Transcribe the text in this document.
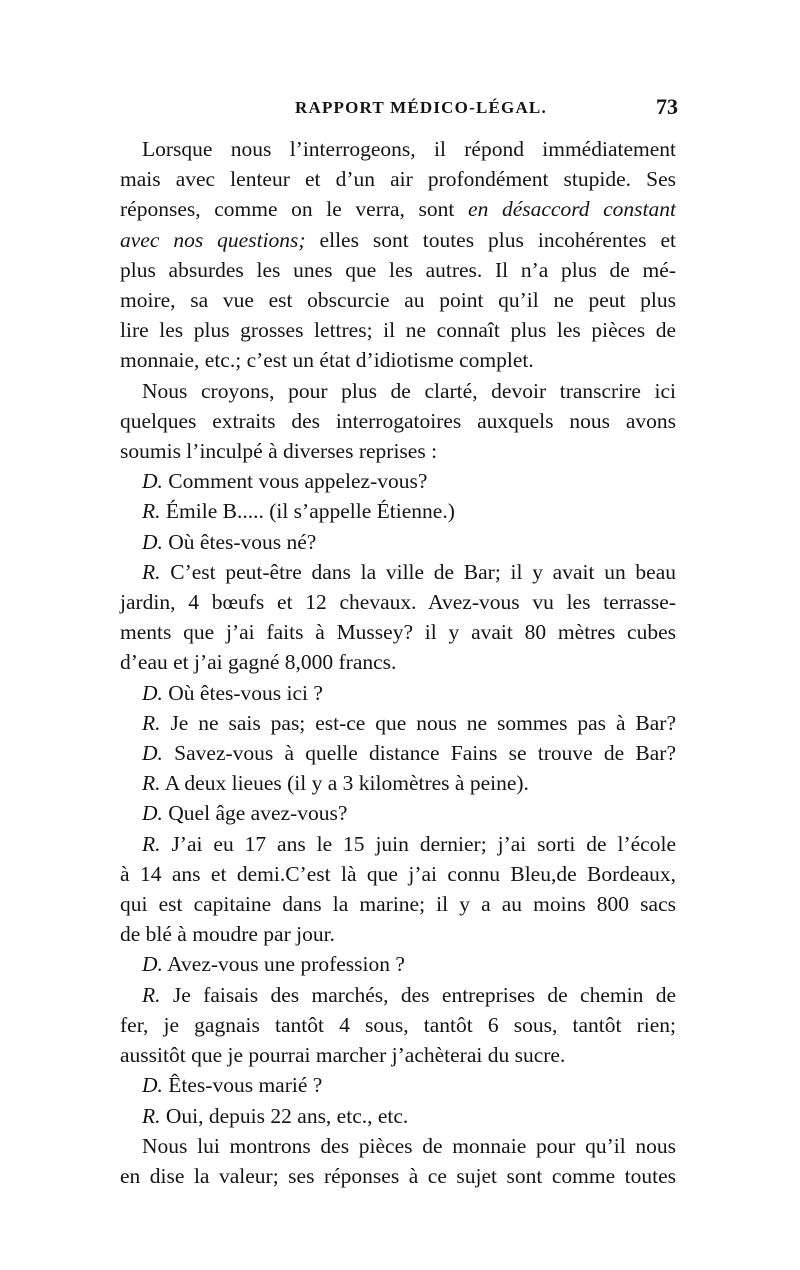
RAPPORT MÉDICO-LÉGAL.	73
Lorsque nous l’interrogeons, il répond immédiatement
mais avec lenteur et d’un air profondément stupide. Ses
réponses, comme on le verra, sont en désaccord constant
avec nos questions; elles sont toutes plus incohérentes et
plus absurdes les unes que les autres. Il n’a plus de mé-
moire, sa vue est obscurcie au point qu’il ne peut plus
lire les plus grosses lettres; il ne connaît plus les pièces de
monnaie, etc.; c’est un état d’idiotisme complet.
Nous croyons, pour plus de clarté, devoir transcrire ici
quelques extraits des interrogatoires auxquels nous avons
soumis l’inculpé à diverses reprises :
D. Comment vous appelez-vous?
R. Émile B..... (il s’appelle Étienne.)
D. Où êtes-vous né?
R. C’est peut-être dans la ville de Bar; il y avait un beau
jardin, 4 bœufs et 12 chevaux. Avez-vous vu les terrasse-
ments que j’ai faits à Mussey? il y avait 80 mètres cubes
d’eau et j’ai gagné 8,000 francs.
D. Où êtes-vous ici ?
R. Je ne sais pas; est-ce que nous ne sommes pas à Bar?
D. Savez-vous à quelle distance Fains se trouve de Bar?
R. A deux lieues (il y a 3 kilomètres à peine).
D. Quel âge avez-vous?
R. J’ai eu 17 ans le 15 juin dernier; j’ai sorti de l’école
à 14 ans et demi.C’est là que j’ai connu Bleu,de Bordeaux,
qui est capitaine dans la marine; il y a au moins 800 sacs
de blé à moudre par jour.
D. Avez-vous une profession ?
R. Je faisais des marchés, des entreprises de chemin de
fer, je gagnais tantôt 4 sous, tantôt 6 sous, tantôt rien;
aussitôt que je pourrai marcher j’achèterai du sucre.
D. Êtes-vous marié ?
R. Oui, depuis 22 ans, etc., etc.
Nous lui montrons des pièces de monnaie pour qu’il nous
en dise la valeur; ses réponses à ce sujet sont comme toutes
